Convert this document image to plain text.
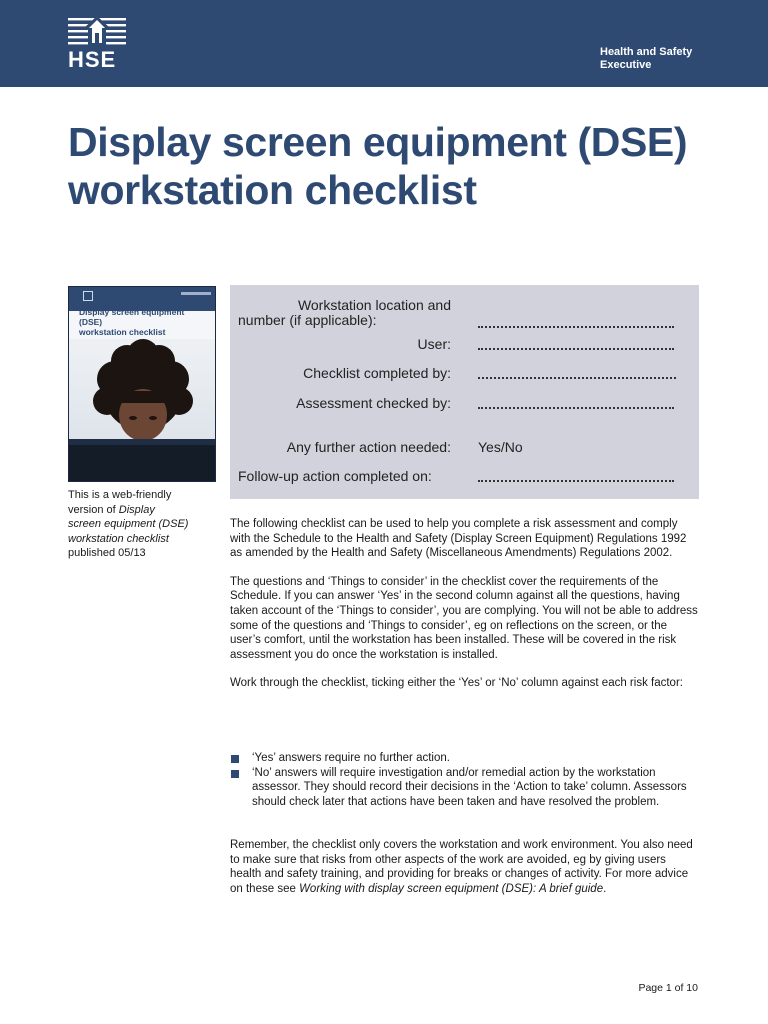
HSE	Health and Safety
Executive
Display screen equipment (DSE)
workstation checklist
Display screen equipment (DSE)
workstation checklist
This is a web-friendly
version of Display
screen equipment (DSE)
workstation checklist
published 05/13
Workstation location and
number (if applicable):
User:
Checklist completed by:
Assessment checked by:
Any further action needed: Yes/No
Follow-up action completed on:

The following checklist can be used to help you complete a risk assessment and comply with the Schedule to the Health and Safety (Display Screen Equipment) Regulations 1992 as amended by the Health and Safety (Miscellaneous Amendments) Regulations 2002.

The questions and ‘Things to consider’ in the checklist cover the requirements of the Schedule. If you can answer ‘Yes’ in the second column against all the questions, having taken account of the ‘Things to consider’, you are complying. You will not be able to address some of the questions and ‘Things to consider’, eg on reflections on the screen, or the user’s comfort, until the workstation has been installed. These will be covered in the risk assessment you do once the workstation is installed.

Work through the checklist, ticking either the ‘Yes’ or ‘No’ column against each risk factor:

‘Yes’ answers require no further action.
‘No’ answers will require investigation and/or remedial action by the workstation assessor. They should record their decisions in the ‘Action to take’ column. Assessors should check later that actions have been taken and have resolved the problem.

Remember, the checklist only covers the workstation and work environment. You also need to make sure that risks from other aspects of the work are avoided, eg by giving users health and safety training, and providing for breaks or changes of activity. For more advice on these see Working with display screen equipment (DSE): A brief guide.

Page 1 of 10
